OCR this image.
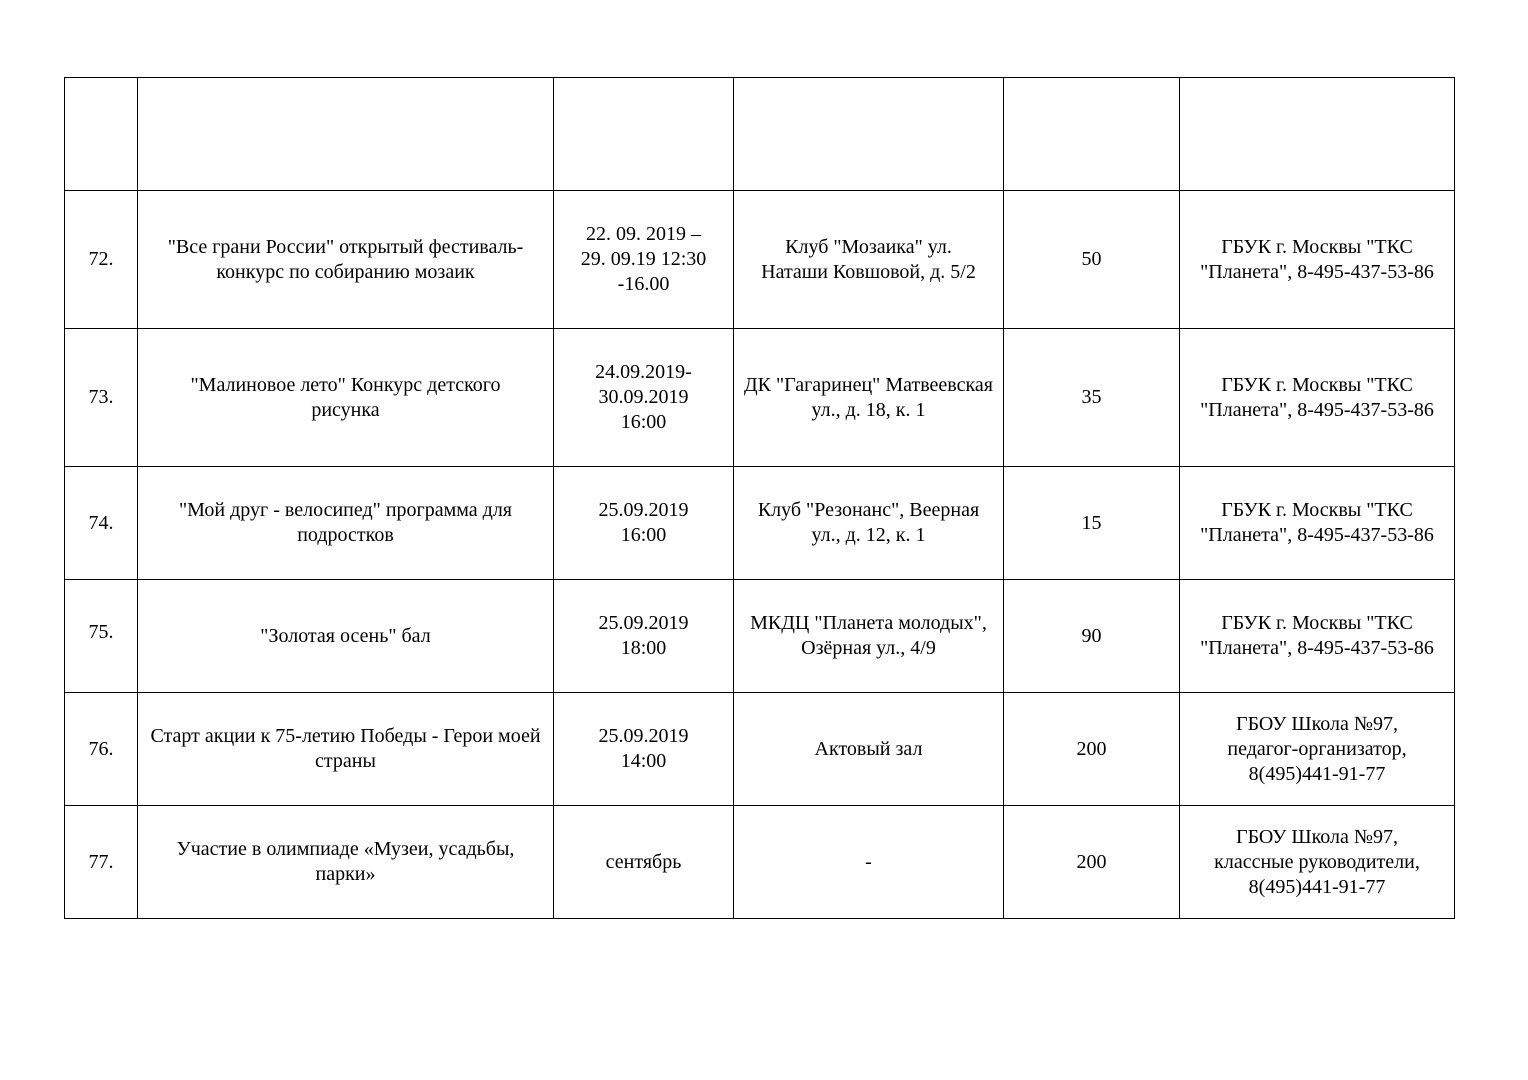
72.	"Все грани России" открытый фестиваль-конкурс по собиранию мозаик	22. 09. 2019 – 29. 09.19 12:30 -16.00	Клуб "Мозаика" ул. Наташи Ковшовой, д. 5/2	50	ГБУК г. Москвы "ТКС "Планета", 8-495-437-53-86

73.	"Малиновое лето" Конкурс детского рисунка	24.09.2019- 30.09.2019 16:00	ДК "Гагаринец" Матвеевская ул., д. 18, к. 1	35	ГБУК г. Москвы "ТКС "Планета", 8-495-437-53-86

74.	"Мой друг - велосипед" программа для подростков	25.09.2019 16:00	Клуб "Резонанс", Веерная ул., д. 12, к. 1	15	ГБУК г. Москвы "ТКС "Планета", 8-495-437-53-86

75.	"Золотая осень" бал	25.09.2019 18:00	МКДЦ "Планета молодых", Озёрная ул., 4/9	90	ГБУК г. Москвы "ТКС "Планета", 8-495-437-53-86

76.	Старт акции к 75-летию Победы - Герои моей страны	25.09.2019 14:00	Актовый зал	200	ГБОУ Школа №97, педагог-организатор, 8(495)441-91-77

77.	Участие в олимпиаде «Музеи, усадьбы, парки»	сентябрь	-	200	ГБОУ Школа №97, классные руководители, 8(495)441-91-77
